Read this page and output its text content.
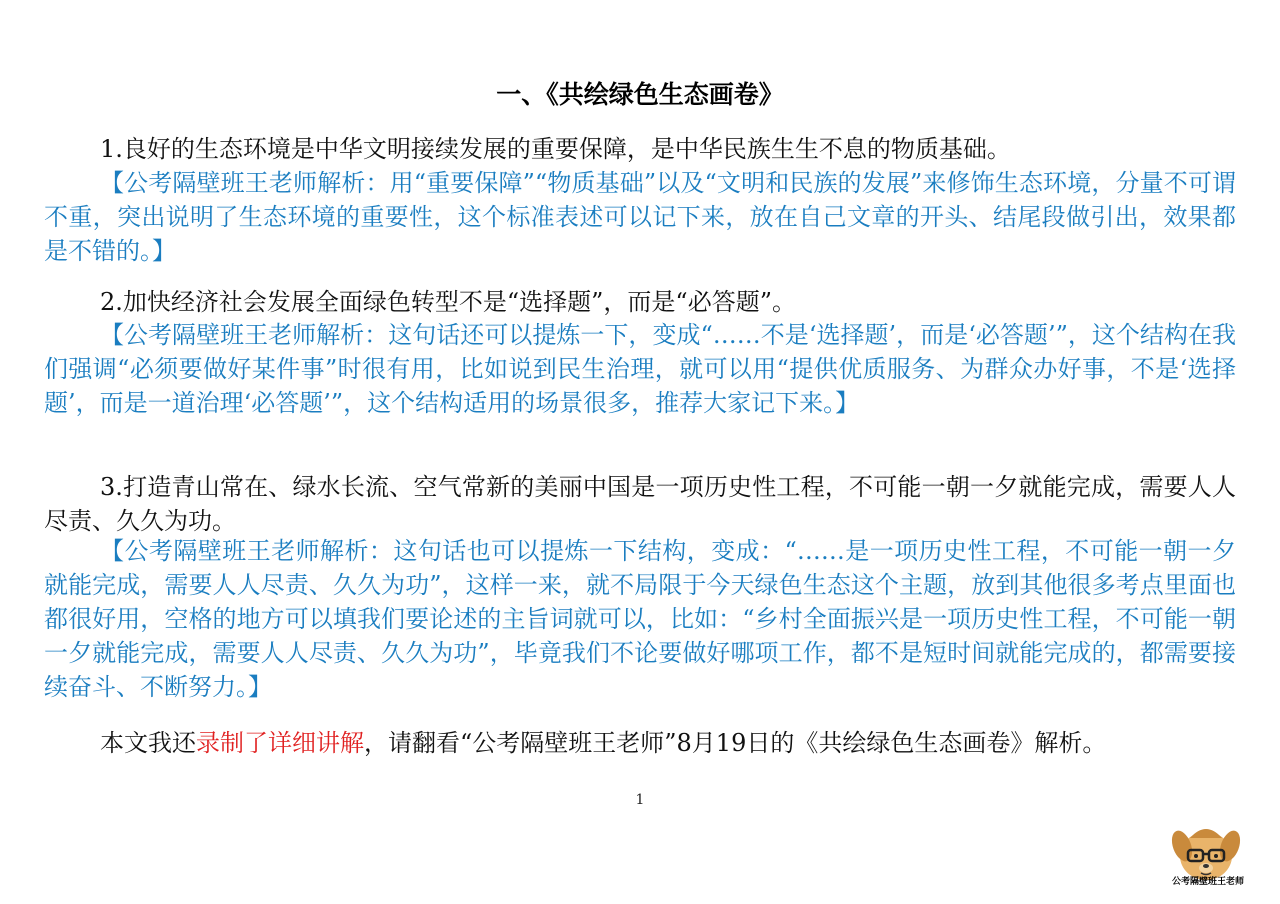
一、《共绘绿色生态画卷》

1.良好的生态环境是中华文明接续发展的重要保障，是中华民族生生不息的物质基础。

【公考隔壁班王老师解析：用“重要保障”“物质基础”以及“文明和民族的发展”来修饰生态环境，分量不可谓不重，突出说明了生态环境的重要性，这个标准表述可以记下来，放在自己文章的开头、结尾段做引出，效果都是不错的。】

2.加快经济社会发展全面绿色转型不是“选择题”，而是“必答题”。

【公考隔壁班王老师解析：这句话还可以提炼一下，变成“……不是‘选择题’，而是‘必答题’”，这个结构在我们强调“必须要做好某件事”时很有用，比如说到民生治理，就可以用“提供优质服务、为群众办好事，不是‘选择题’，而是一道治理‘必答题’”，这个结构适用的场景很多，推荐大家记下来。】

3.打造青山常在、绿水长流、空气常新的美丽中国是一项历史性工程，不可能一朝一夕就能完成，需要人人尽责、久久为功。

【公考隔壁班王老师解析：这句话也可以提炼一下结构，变成：“……是一项历史性工程，不可能一朝一夕就能完成，需要人人尽责、久久为功”，这样一来，就不局限于今天绿色生态这个主题，放到其他很多考点里面也都很好用，空格的地方可以填我们要论述的主旨词就可以，比如：“乡村全面振兴是一项历史性工程，不可能一朝一夕就能完成，需要人人尽责、久久为功”，毕竟我们不论要做好哪项工作，都不是短时间就能完成的，都需要接续奋斗、不断努力。】

本文我还录制了详细讲解，请翻看“公考隔壁班王老师”8月19日的《共绘绿色生态画卷》解析。

1
公考隔壁班王老师
